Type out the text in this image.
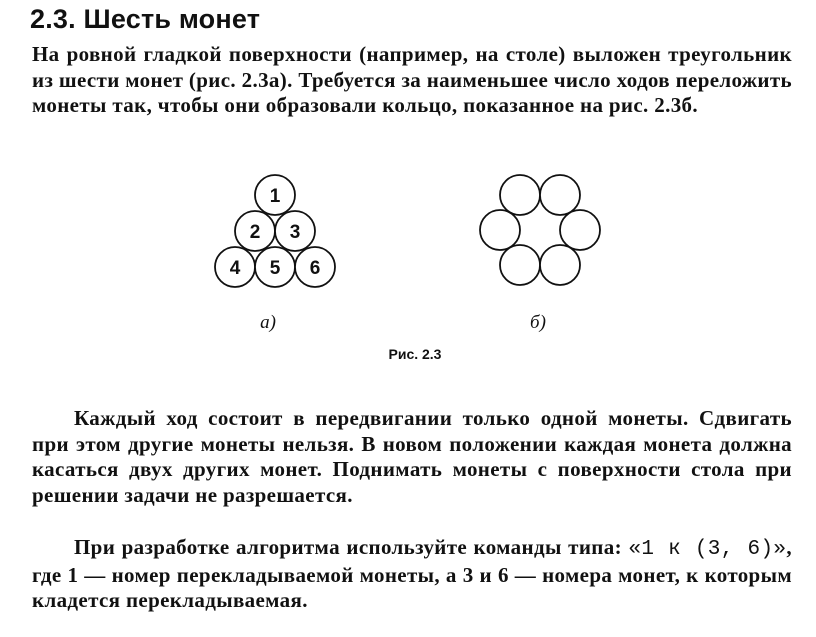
2.3. Шесть монет
На ровной гладкой поверхности (например, на столе) выложен треугольник из шести монет (рис. 2.3а). Требуется за наименьшее число ходов переложить монеты так, чтобы они образовали кольцо, показанное на рис. 2.3б.
1
2 3
4 5 6
а)	б)
Рис. 2.3
Каждый ход состоит в передвигании только одной монеты. Сдвигать при этом другие монеты нельзя. В новом положении каждая монета должна касаться двух других монет. Поднимать монеты с поверхности стола при решении задачи не разрешается.
При разработке алгоритма используйте команды типа: «1 к (3, 6)», где 1 — номер перекладываемой монеты, а 3 и 6 — номера монет, к которым кладется перекладываемая.
